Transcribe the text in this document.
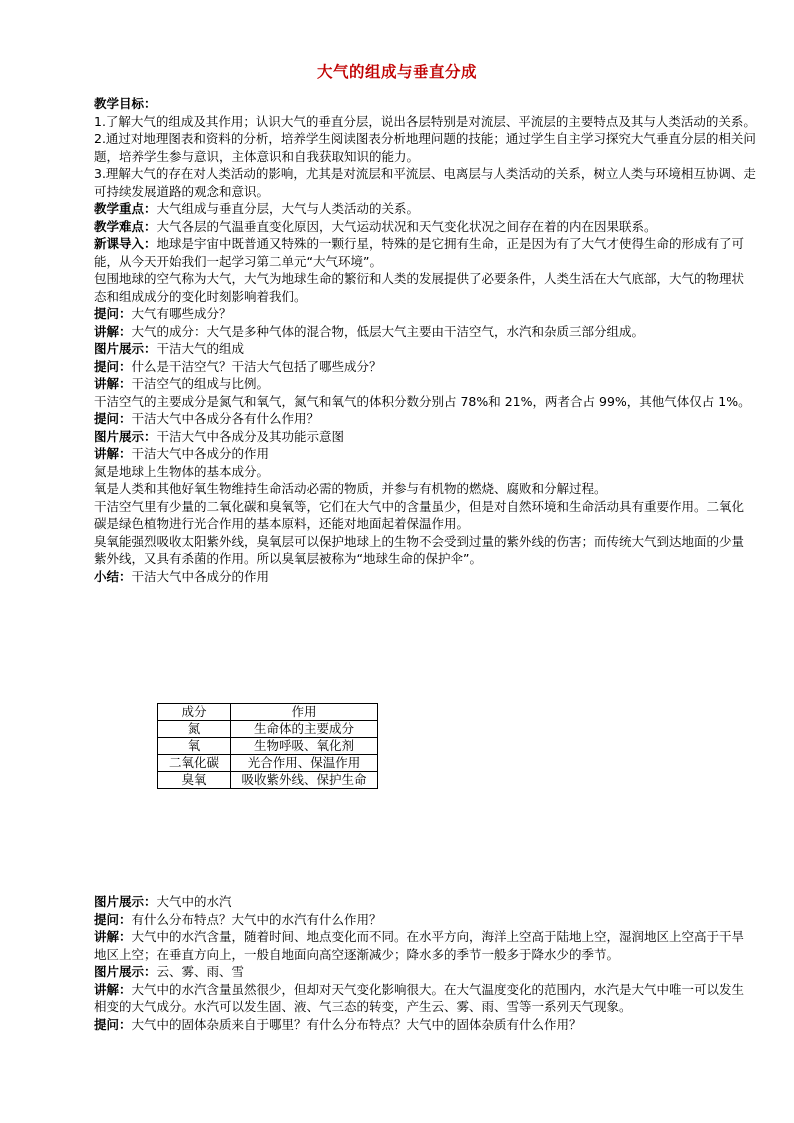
大气的组成与垂直分成

教学目标：

1.了解大气的组成及其作用；认识大气的垂直分层，说出各层特别是对流层、平流层的主要特点及其与人类活动的关系。

2.通过对地理图表和资料的分析，培养学生阅读图表分析地理问题的技能；通过学生自主学习探究大气垂直分层的相关问题，培养学生参与意识，主体意识和自我获取知识的能力。

3.理解大气的存在对人类活动的影响，尤其是对流层和平流层、电离层与人类活动的关系，树立人类与环境相互协调、走可持续发展道路的观念和意识。

教学重点：大气组成与垂直分层，大气与人类活动的关系。

教学难点：大气各层的气温垂直变化原因，大气运动状况和天气变化状况之间存在着的内在因果联系。

新课导入：地球是宇宙中既普通又特殊的一颗行星，特殊的是它拥有生命，正是因为有了大气才使得生命的形成有了可能，从今天开始我们一起学习第二单元“大气环境”。

包围地球的空气称为大气，大气为地球生命的繁衍和人类的发展提供了必要条件，人类生活在大气底部，大气的物理状态和组成成分的变化时刻影响着我们。

提问：大气有哪些成分？

讲解：大气的成分：大气是多种气体的混合物，低层大气主要由干洁空气，水汽和杂质三部分组成。

图片展示：干洁大气的组成

提问：什么是干洁空气？干洁大气包括了哪些成分？

讲解：干洁空气的组成与比例。

干洁空气的主要成分是氮气和氧气，氮气和氧气的体积分数分别占 78%和 21%，两者合占 99%，其他气体仅占 1%。

提问：干洁大气中各成分各有什么作用？

图片展示：干洁大气中各成分及其功能示意图

讲解：干洁大气中各成分的作用

氮是地球上生物体的基本成分。

氧是人类和其他好氧生物维持生命活动必需的物质，并参与有机物的燃烧、腐败和分解过程。

干洁空气里有少量的二氧化碳和臭氧等，它们在大气中的含量虽少，但是对自然环境和生命活动具有重要作用。二氧化碳是绿色植物进行光合作用的基本原料，还能对地面起着保温作用。

臭氧能强烈吸收太阳紫外线，臭氧层可以保护地球上的生物不会受到过量的紫外线的伤害；而传统大气到达地面的少量紫外线，又具有杀菌的作用。所以臭氧层被称为“地球生命的保护伞”。

小结：干洁大气中各成分的作用

成分	作用
氮	生命体的主要成分
氧	生物呼吸、氧化剂
二氧化碳	光合作用、保温作用
臭氧	吸收紫外线、保护生命

图片展示：大气中的水汽

提问：有什么分布特点？大气中的水汽有什么作用？

讲解：大气中的水汽含量，随着时间、地点变化而不同。在水平方向，海洋上空高于陆地上空，湿润地区上空高于干旱地区上空；在垂直方向上，一般自地面向高空逐渐减少；降水多的季节一般多于降水少的季节。

图片展示：云、雾、雨、雪

讲解：大气中的水汽含量虽然很少，但却对天气变化影响很大。在大气温度变化的范围内，水汽是大气中唯一可以发生相变的大气成分。水汽可以发生固、液、气三态的转变，产生云、雾、雨、雪等一系列天气现象。

提问：大气中的固体杂质来自于哪里？有什么分布特点？大气中的固体杂质有什么作用？
